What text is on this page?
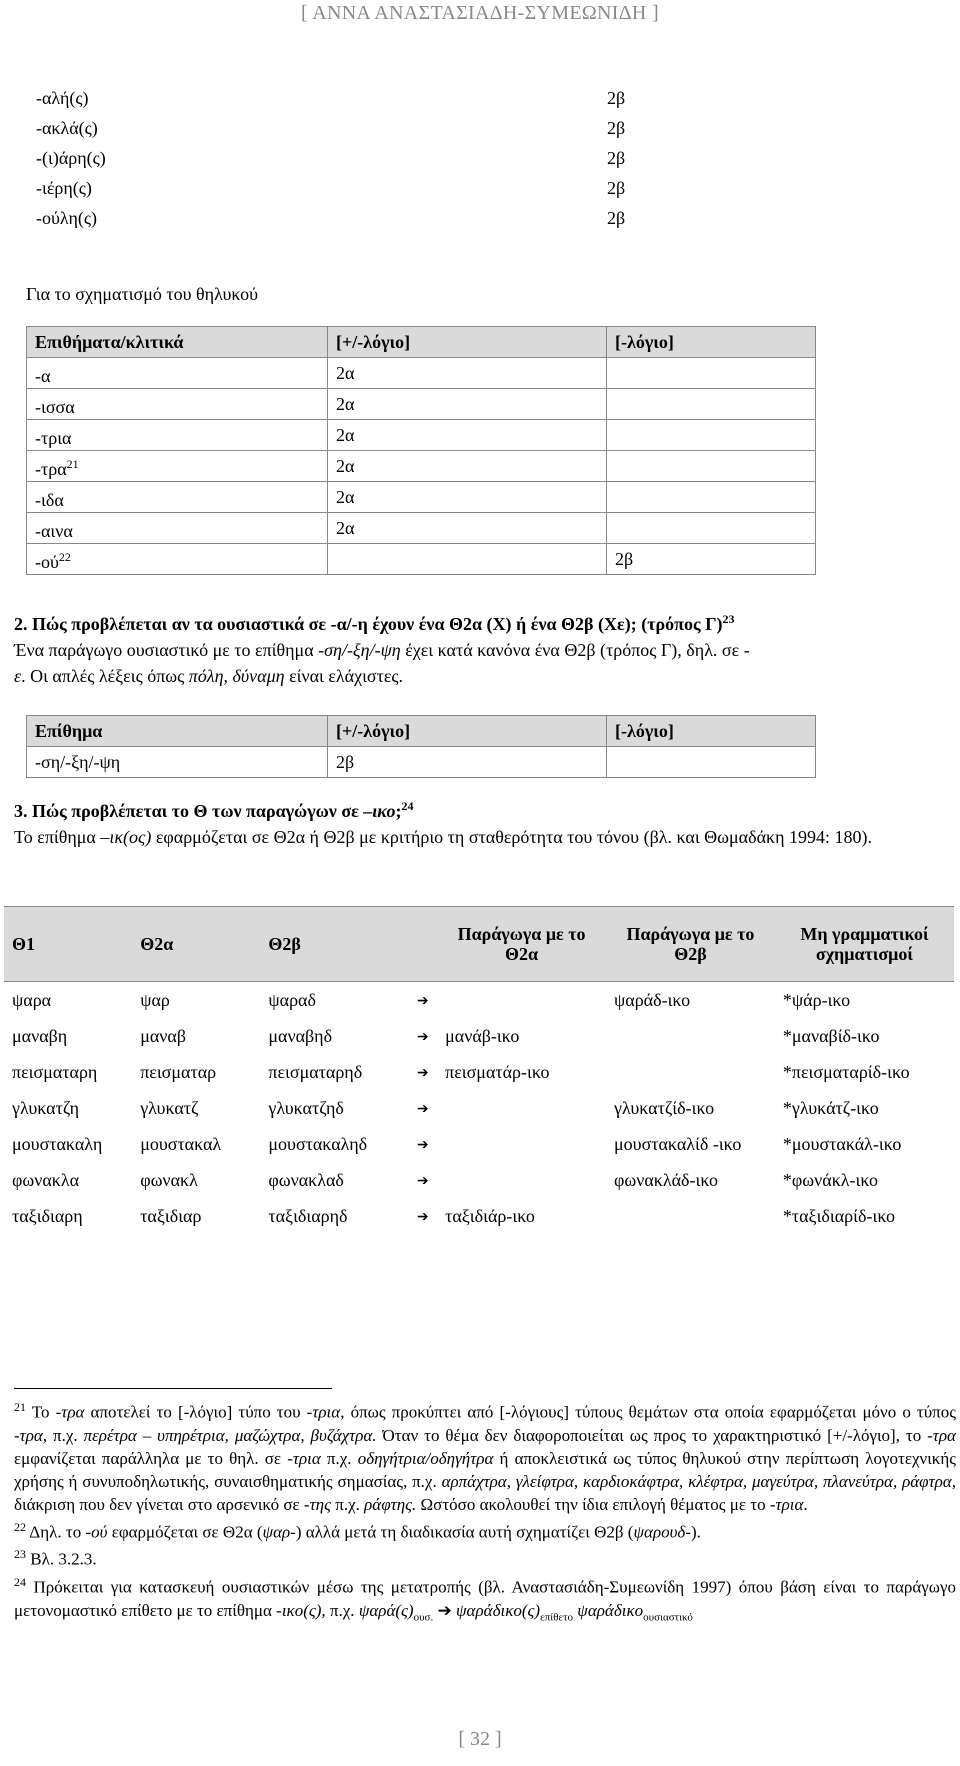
[ ΑΝΝΑ ΑΝΑΣΤΑΣΙΑΔΗ-ΣΥΜΕΩΝΙΔΗ ]
-αλή(ς)	2β
-ακλά(ς)	2β
-(ι)άρη(ς)	2β
-ιέρη(ς)	2β
-ούλη(ς)	2β
Για το σχηματισμό του θηλυκού
Επιθήματα/κλιτικά	[+/-λόγιο]	[-λόγιο]
-α	2α	
-ισσα	2α	
-τρια	2α	
-τρα$^{21}$	2α	
-ιδα	2α	
-αινα	2α	
$-oύ^{22}$		2β

2. Πώς προβλέπεται αν τα ουσιαστικά σε -α/-η έχουν ένα Θ2α (Χ) ή ένα Θ2β (Χε); (τρόπος Γ)$^{23}$

Ένα παράγωγο ουσιαστικό με το επίθημα -ση/-ξη/-ψη έχει κατά κανόνα ένα Θ2β (τρόπος Γ), δηλ. σε -

ε. Οι απλές λέξεις όπως πόλη, δύναμη είναι ελάχιστες.

Επίθημα	[+/-λόγιο]	[-λόγιο]
-ση/-ξη/-ψη	2β	

3. Πώς προβλέπεται το Θ των παραγώγων σε –ικο;$^{24}$

Το επίθημα –ικ(ος) εφαρμόζεται σε Θ2α ή Θ2β με κριτήριο τη σταθερότητα του τόνου (βλ. και Θωμαδάκη 1994: 180).

Θ1	Θ2α	Θ2β		Παράγωγα με το Θ2α	Παράγωγα με το Θ2β	Μη γραμματικοί σχηματισμοί
ψαρα	ψαρ	ψαραδ	➔		ψαράδ-ικο	*ψάρ-ικο
μαναβη	μαναβ	μαναβηδ	➔	μανάβ-ικο		*μαναβίδ-ικο
πεισματαρη	πεισματαρ	πεισματαρηδ	➔	πεισματάρ-ικο		*πεισματαρίδ-ικο
γλυκατζη	γλυκατζ	γλυκατζηδ	➔		γλυκατζίδ-ικο	*γλυκάτζ-ικο
μουστακαλη	μουστακαλ	μουστακαληδ	➔		μουστακαλίδ -ικο	*μουστακάλ-ικο
φωνακλα	φωνακλ	φωνακλαδ	➔		φωνακλάδ-ικο	*φωνάκλ-ικο
ταξιδιαρη	ταξιδιαρ	ταξιδιαρηδ	➔	ταξιδιάρ-ικο		*ταξιδιαρίδ-ικο

$^{21}$ Το -τρα αποτελεί το [-λόγιο] τύπο του -τρια, όπως προκύπτει από [-λόγιους] τύπους θεμάτων στα οποία εφαρμόζεται μόνο ο τύπος -τρα, π.χ. περέτρα – υπηρέτρια, μαζώχτρα, βυζάχτρα. Όταν το θέμα δεν διαφοροποιείται ως προς το χαρακτηριστικό [+/-λόγιο], το -τρα εμφανίζεται παράλληλα με το θηλ. σε -τρια π.χ. οδηγήτρια/οδηγήτρα ή αποκλειστικά ως τύπος θηλυκού στην περίπτωση λογοτεχνικής χρήσης ή συνυποδηλωτικής, συναισθηματικής σημασίας, π.χ. αρπάχτρα, γλείφτρα, καρδιοκάφτρα, κλέφτρα, μαγεύτρα, πλανεύτρα, ράφτρα, διάκριση που δεν γίνεται στο αρσενικό σε -της π.χ. ράφτης. Ωστόσο ακολουθεί την ίδια επιλογή θέματος με το -τρια.

$^{22}$ Δηλ. το -ού εφαρμόζεται σε Θ2α (ψαρ-) αλλά μετά τη διαδικασία αυτή σχηματίζει Θ2β (ψαρουδ-).

$^{23}$ Βλ. 3.2.3.

$^{24}$ Πρόκειται για κατασκευή ουσιαστικών μέσω της μετατροπής (βλ. Αναστασιάδη-Συμεωνίδη 1997) όπου βάση είναι το παράγωγο μετονομαστικό επίθετο με το επίθημα -ικο(ς), π.χ. $\psi\alpha\rho ά(\varsigma)_{o\upsilon\sigma.}$ ➔ $\psi\alpha\rho ά\delta\iota\kappa o(\varsigma)_{\varepsilon\pi ί\theta\varepsilon\tau o}$ ψαράδικο$_{o\upsilon\sigma\iota\alpha\sigma\tau\iota\kappa ό}$

[ 32 ]
